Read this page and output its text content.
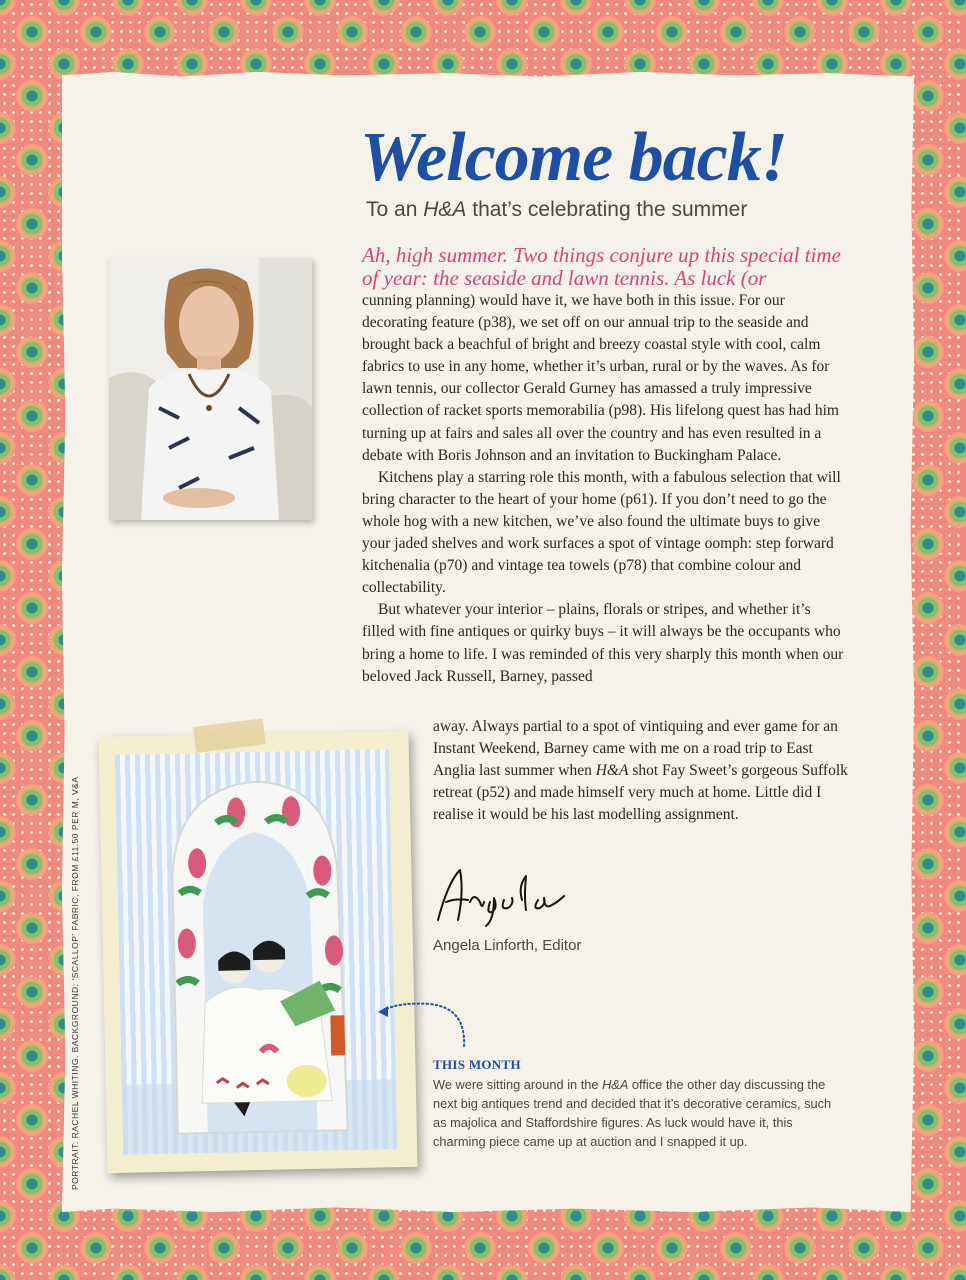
Welcome back!
To an H&A that’s celebrating the summer
Ah, high summer. Two things conjure up this special time of year: the seaside and lawn tennis. As luck (or
cunning planning) would have it, we have both in this issue. For our decorating feature (p38), we set off on our annual trip to the seaside and brought back a beachful of bright and breezy coastal style with cool, calm fabrics to use in any home, whether it’s urban, rural or by the waves. As for lawn tennis, our collector Gerald Gurney has amassed a truly impressive collection of racket sports memorabilia (p98). His lifelong quest has had him turning up at fairs and sales all over the country and has even resulted in a debate with Boris Johnson and an invitation to Buckingham Palace.
Kitchens play a starring role this month, with a fabulous selection that will bring character to the heart of your home (p61). If you don’t need to go the whole hog with a new kitchen, we’ve also found the ultimate buys to give your jaded shelves and work surfaces a spot of vintage oomph: step forward kitchenalia (p70) and vintage tea towels (p78) that combine colour and collectability.
But whatever your interior – plains, florals or stripes, and whether it’s filled with fine antiques or quirky buys – it will always be the occupants who bring a home to life. I was reminded of this very sharply this month when our beloved Jack Russell, Barney, passed
away. Always partial to a spot of vintiquing and ever game for an Instant Weekend, Barney came with me on a road trip to East Anglia last summer when H&A shot Fay Sweet’s gorgeous Suffolk retreat (p52) and made himself very much at home. Little did I realise it would be his last modelling assignment.
PORTRAIT: RACHEL WHITING. BACKGROUND: ‘SCALLOP’ FABRIC, FROM £11.50 PER M, V&A	Angela
Angela Linforth, Editor
THIS MONTH
We were sitting around in the H&A office the other day discussing the next big antiques trend and decided that it’s decorative ceramics, such as majolica and Staffordshire figures. As luck would have it, this charming piece came up at auction and I snapped it up.
